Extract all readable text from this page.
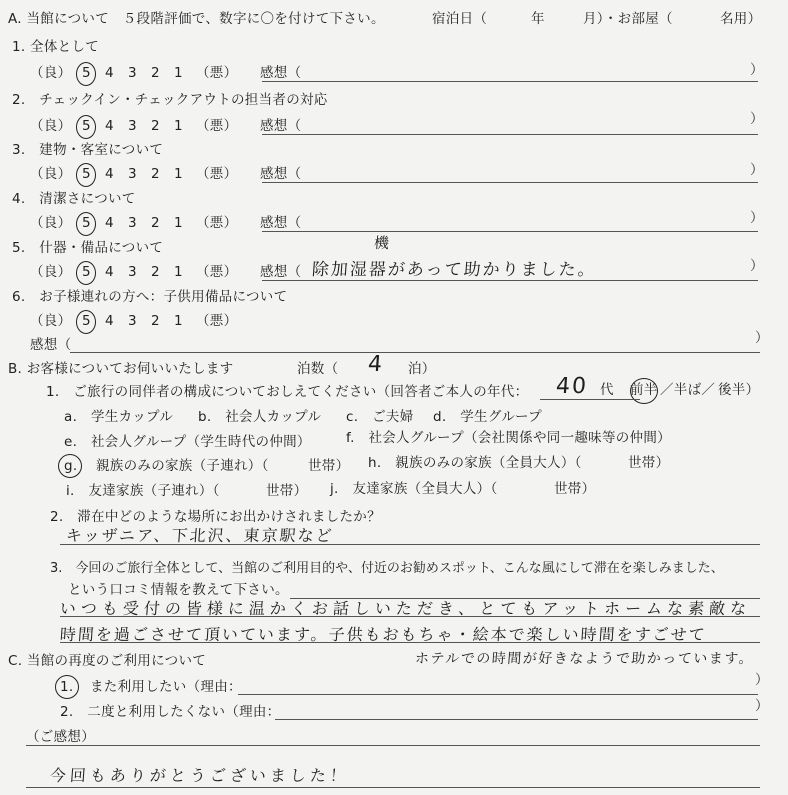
A. 当館について　５段階評価で、数字に〇を付けて下さい。	宿泊日（	年	月）・お部屋（	名用）
1. 全体として
（良） 5 4 3 2 1 （悪） 感想（	）
2.　チェックイン・チェックアウトの担当者の対応
（良） 5 4 3 2 1 （悪） 感想（	）
3.　建物・客室について
（良） 5 4 3 2 1 （悪） 感想（	）
4.　清潔さについて
（良） 5 4 3 2 1 （悪） 感想（	）
5.　什器・備品について
（良） 5 4 3 2 1 （悪） 感想（
機
除加湿器があって助かりました。	）
6.　お子様連れの方へ：子供用備品について
（良） 5 4 3 2 1 （悪）
感想（	）
B. お客様についてお伺いいたします	泊数（ 4 泊）
1.　ご旅行の同伴者の構成についておしえてください（回答者ご本人の年代： 40 代 前半 ／半ば／ 後半）
a.　学生カップル b.　社会人カップル c.　ご夫婦 d.　学生グループ
e.　社会人グループ（学生時代の仲間）	f.　社会人グループ（会社関係や同一趣味等の仲間）
g. 親族のみの家族（子連れ）（	世帯） h.　親族のみの家族（全員大人）（	世帯）
i.　友達家族（子連れ）（	世帯） j.　友達家族（全員大人）（	世帯）
2.　滞在中どのような場所にお出かけされましたか？
キッザニア、下北沢、東京駅など
3.　今回のご旅行全体として、当館のご利用目的や、付近のお勧めスポット、こんな風にして滞在を楽しみました、
という口コミ情報を教えて下さい。
いつも受付の皆様に温かくお話しいただき、とてもアットホームな素敵な
時間を過ごさせて頂いています。子供もおもちゃ・絵本で楽しい時間をすごせて
C. 当館の再度のご利用について	ホテルでの時間が好きなようで助かっています。
1. また利用したい（理由：	）
2.　二度と利用したくない（理由：	）
（ご感想）
今回もありがとうございました！
